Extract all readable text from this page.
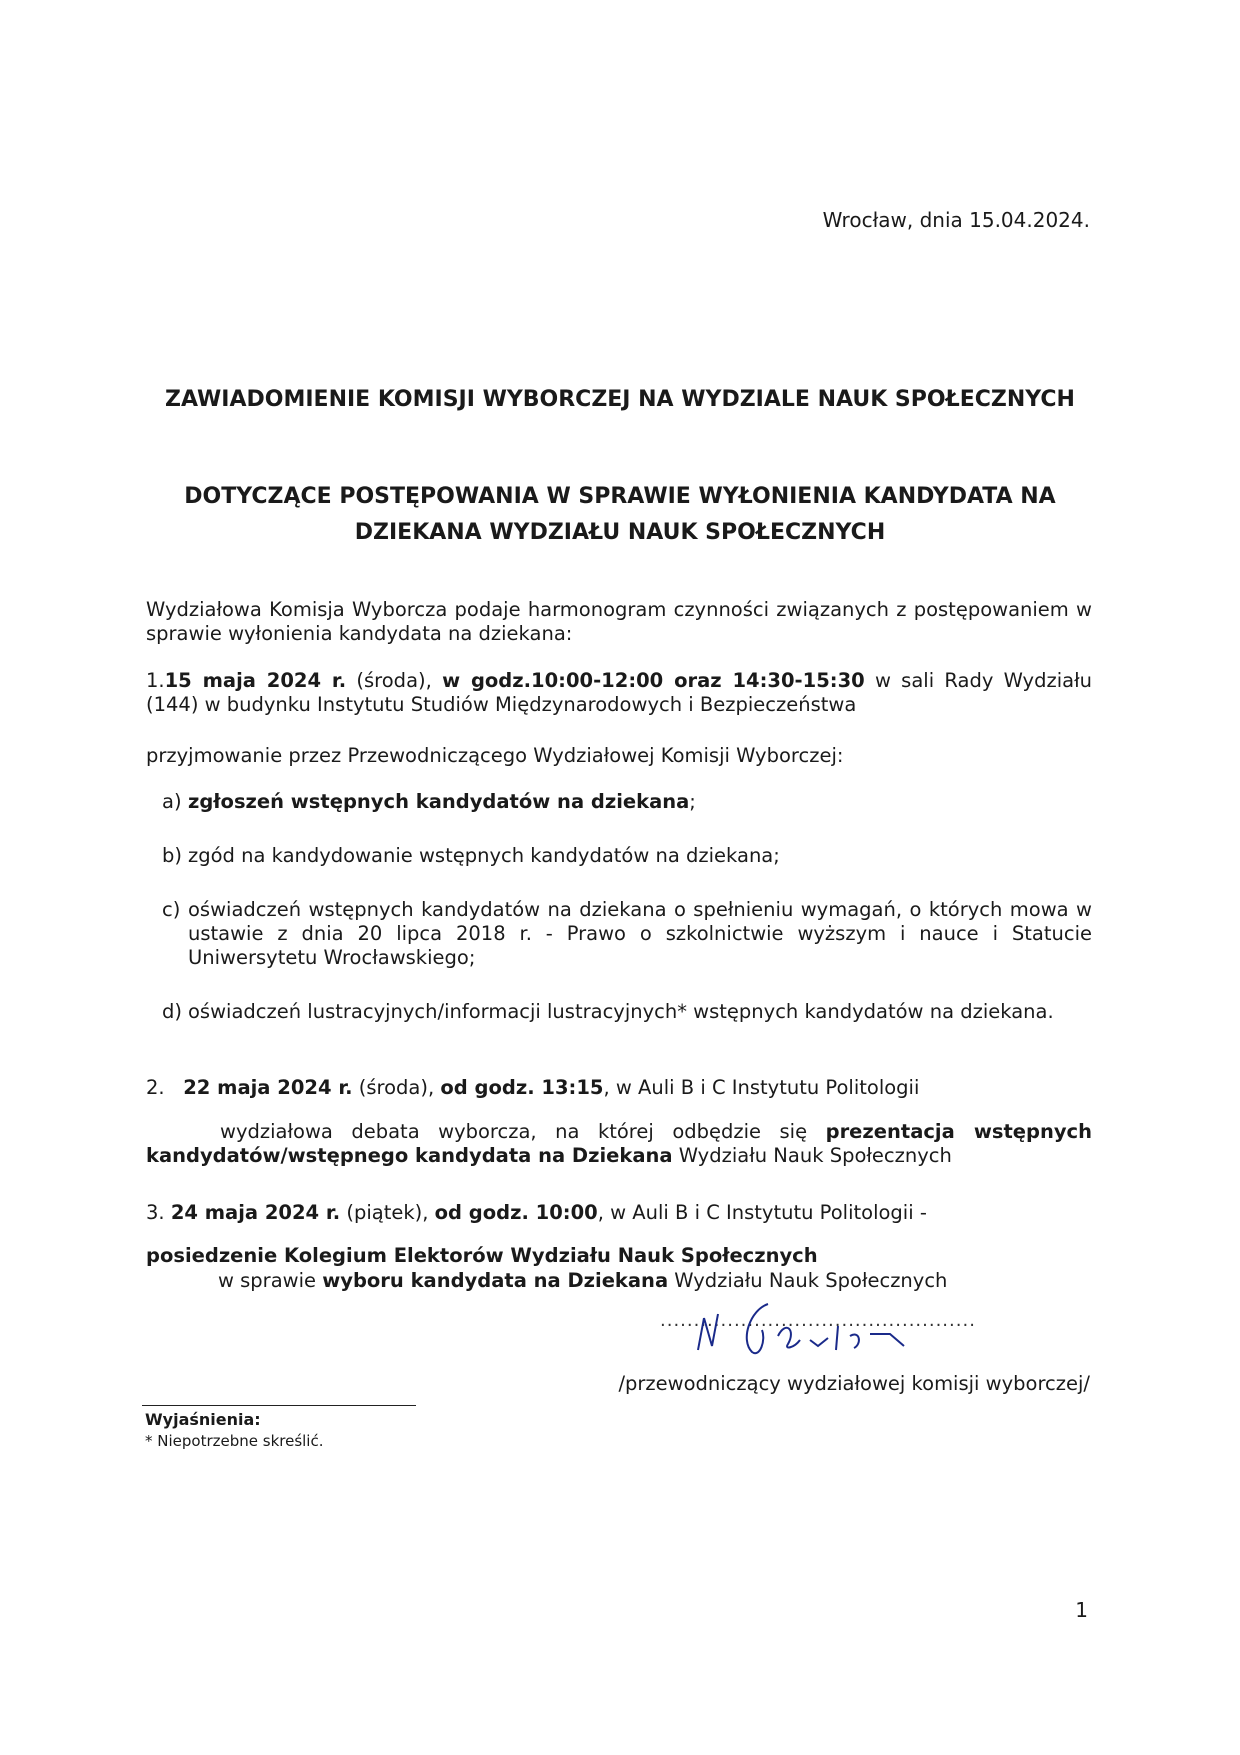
Wrocław, dnia 15.04.2024.

ZAWIADOMIENIE KOMISJI WYBORCZEJ NA WYDZIALE NAUK SPOŁECZNYCH

DOTYCZĄCE POSTĘPOWANIA W SPRAWIE WYŁONIENIA KANDYDATA NA DZIEKANA WYDZIAŁU NAUK SPOŁECZNYCH

Wydziałowa Komisja Wyborcza podaje harmonogram czynności związanych z postępowaniem w sprawie wyłonienia kandydata na dziekana:

1.15 maja 2024 r. (środa), w godz.10:00-12:00 oraz 14:30-15:30 w sali Rady Wydziału (144) w budynku Instytutu Studiów Międzynarodowych i Bezpieczeństwa

przyjmowanie przez Przewodniczącego Wydziałowej Komisji Wyborczej:

a) zgłoszeń wstępnych kandydatów na dziekana;
b) zgód na kandydowanie wstępnych kandydatów na dziekana;
c) oświadczeń wstępnych kandydatów na dziekana o spełnieniu wymagań, o których mowa w ustawie z dnia 20 lipca 2018 r. - Prawo o szkolnictwie wyższym i nauce i Statucie Uniwersytetu Wrocławskiego;
d) oświadczeń lustracyjnych/informacji lustracyjnych* wstępnych kandydatów na dziekana.

2. 22 maja 2024 r. (środa), od godz. 13:15, w Auli B i C Instytutu Politologii

wydziałowa debata wyborcza, na której odbędzie się prezentacja wstępnych kandydatów/wstępnego kandydata na Dziekana Wydziału Nauk Społecznych

3. 24 maja 2024 r. (piątek), od godz. 10:00, w Auli B i C Instytutu Politologii -

posiedzenie Kolegium Elektorów Wydziału Nauk Społecznych

w sprawie wyboru kandydata na Dziekana Wydziału Nauk Społecznych

...............................................

/przewodniczący wydziałowej komisji wyborczej/

Wyjaśnienia:

* Niepotrzebne skreślić.

1
